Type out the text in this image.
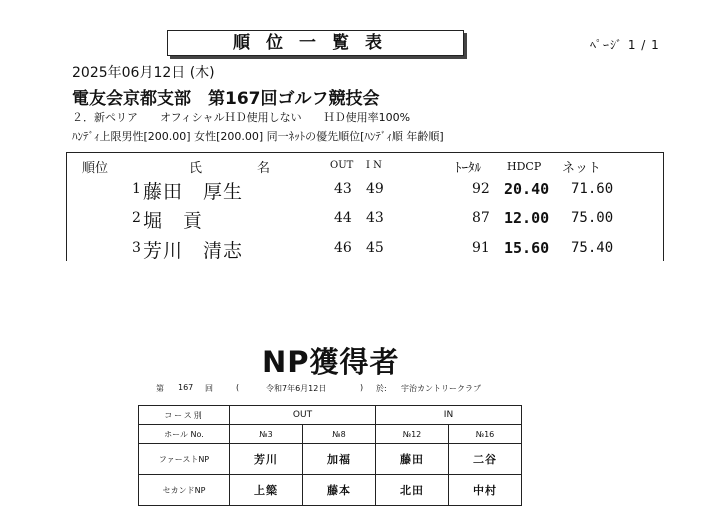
順位一覧表	ﾍﾟｰｼﾞ 1 / 1
2025年06月12日 (木)
電友会京都支部　第167回ゴルフ競技会
２．新ペリア　　オフィシャルＨＤ使用しない　　ＨＤ使用率100%
ﾊﾝﾃﾞｨ上限男性[200.00] 女性[200.00] 同一ﾈｯﾄの優先順位[ﾊﾝﾃﾞｨ順 年齢順]
順位	氏	名	OUT I N	ﾄｰﾀﾙ HDCP ネット
1 藤田　厚生	43 49	92 20.40 71.60
2 堀　貢	44 43	87 12.00 75.00
3 芳川　清志	46 45	91 15.60 75.40
NP獲得者
第 167 回	(	令和7年6月12日	) 於: 宇治カントリークラブ
コース別	OUT		IN	
ホール No.	№3	№8	№12	№16
ファーストNP	芳川	加福	藤田	二谷
セカンドNP	上簗	藤本	北田	中村
